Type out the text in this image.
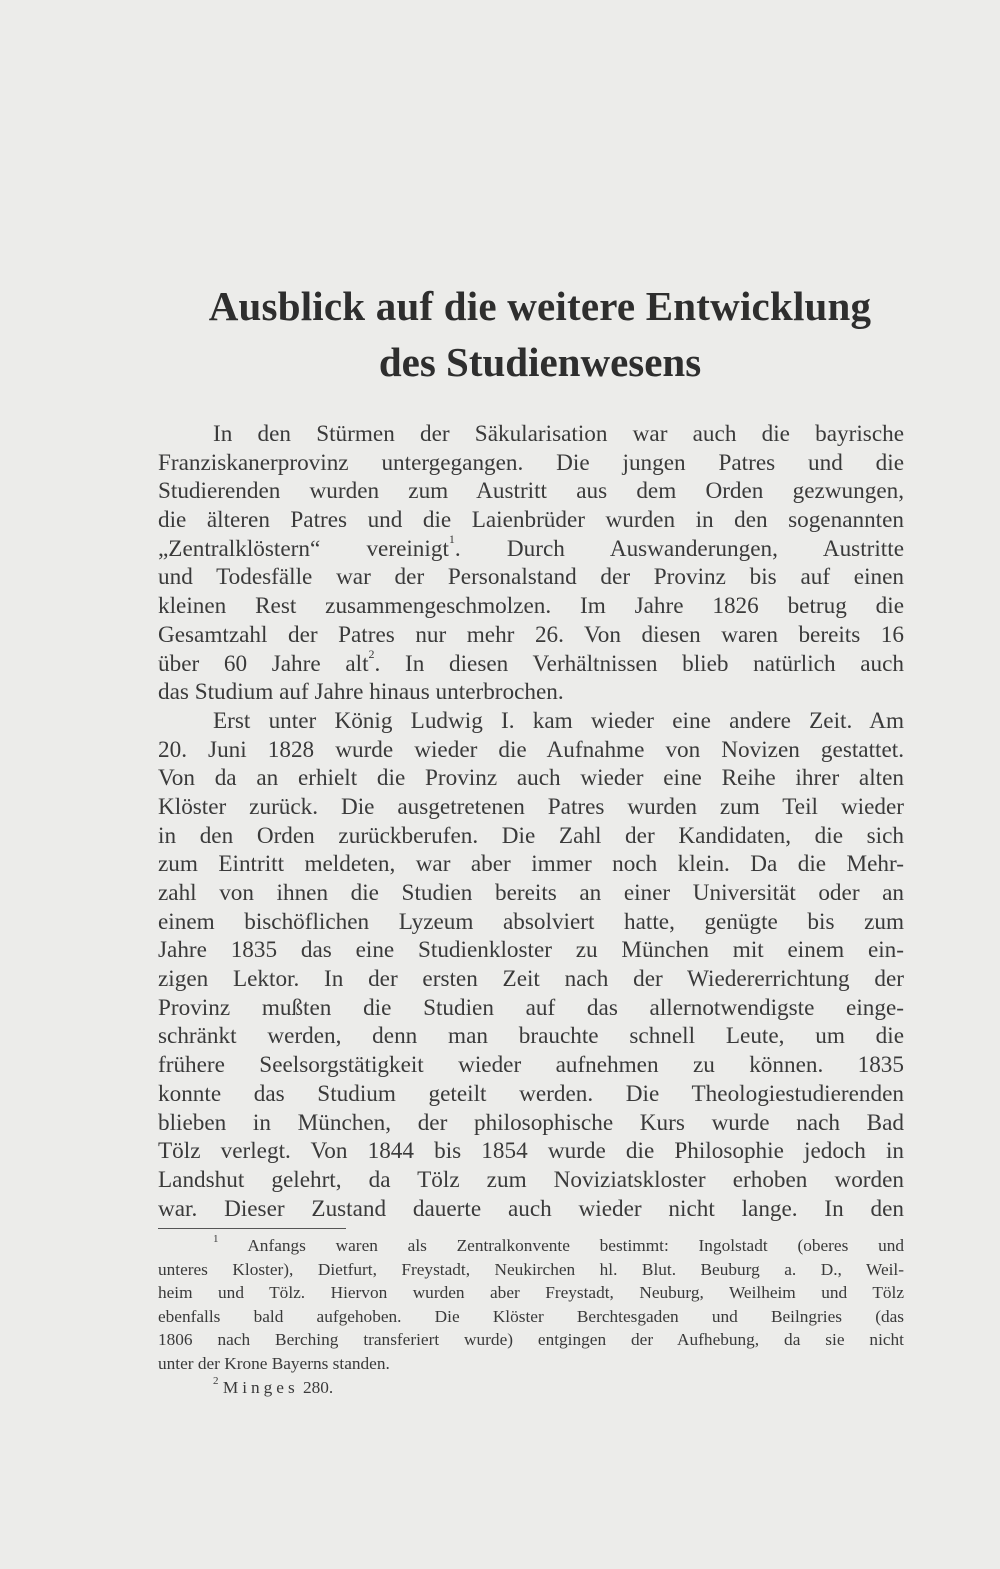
Ausblick auf die weitere Entwicklung
des Studienwesens
In den Stürmen der Säkularisation war auch die bayrische
Franziskanerprovinz untergegangen. Die jungen Patres und die
Studierenden wurden zum Austritt aus dem Orden gezwungen,
die älteren Patres und die Laienbrüder wurden in den sogenannten
„Zentralklöstern“ vereinigt$^1$. Durch Auswanderungen, Austritte
und Todesfälle war der Personalstand der Provinz bis auf einen
kleinen Rest zusammengeschmolzen. Im Jahre 1826 betrug die
Gesamtzahl der Patres nur mehr 26. Von diesen waren bereits 16
über 60 Jahre alt$^2$. In diesen Verhältnissen blieb natürlich auch
das Studium auf Jahre hinaus unterbrochen.
Erst unter König Ludwig I. kam wieder eine andere Zeit. Am
20. Juni 1828 wurde wieder die Aufnahme von Novizen gestattet.
Von da an erhielt die Provinz auch wieder eine Reihe ihrer alten
Klöster zurück. Die ausgetretenen Patres wurden zum Teil wieder
in den Orden zurückberufen. Die Zahl der Kandidaten, die sich
zum Eintritt meldeten, war aber immer noch klein. Da die Mehr-
zahl von ihnen die Studien bereits an einer Universität oder an
einem bischöflichen Lyzeum absolviert hatte, genügte bis zum
Jahre 1835 das eine Studienkloster zu München mit einem ein-
zigen Lektor. In der ersten Zeit nach der Wiedererrichtung der
Provinz mußten die Studien auf das allernotwendigste einge-
schränkt werden, denn man brauchte schnell Leute, um die
frühere Seelsorgstätigkeit wieder aufnehmen zu können. 1835
konnte das Studium geteilt werden. Die Theologiestudierenden
blieben in München, der philosophische Kurs wurde nach Bad
Tölz verlegt. Von 1844 bis 1854 wurde die Philosophie jedoch in
Landshut gelehrt, da Tölz zum Noviziatskloster erhoben worden
war. Dieser Zustand dauerte auch wieder nicht lange. In den
$^1$ Anfangs waren als Zentralkonvente bestimmt: Ingolstadt (oberes und
unteres Kloster), Dietfurt, Freystadt, Neukirchen hl. Blut. Beuburg a. D., Weil-
heim und Tölz. Hiervon wurden aber Freystadt, Neuburg, Weilheim und Tölz
ebenfalls bald aufgehoben. Die Klöster Berchtesgaden und Beilngries (das
1806 nach Berching transferiert wurde) entgingen der Aufhebung, da sie nicht
unter der Krone Bayerns standen.
$^2$ Minges 280.
